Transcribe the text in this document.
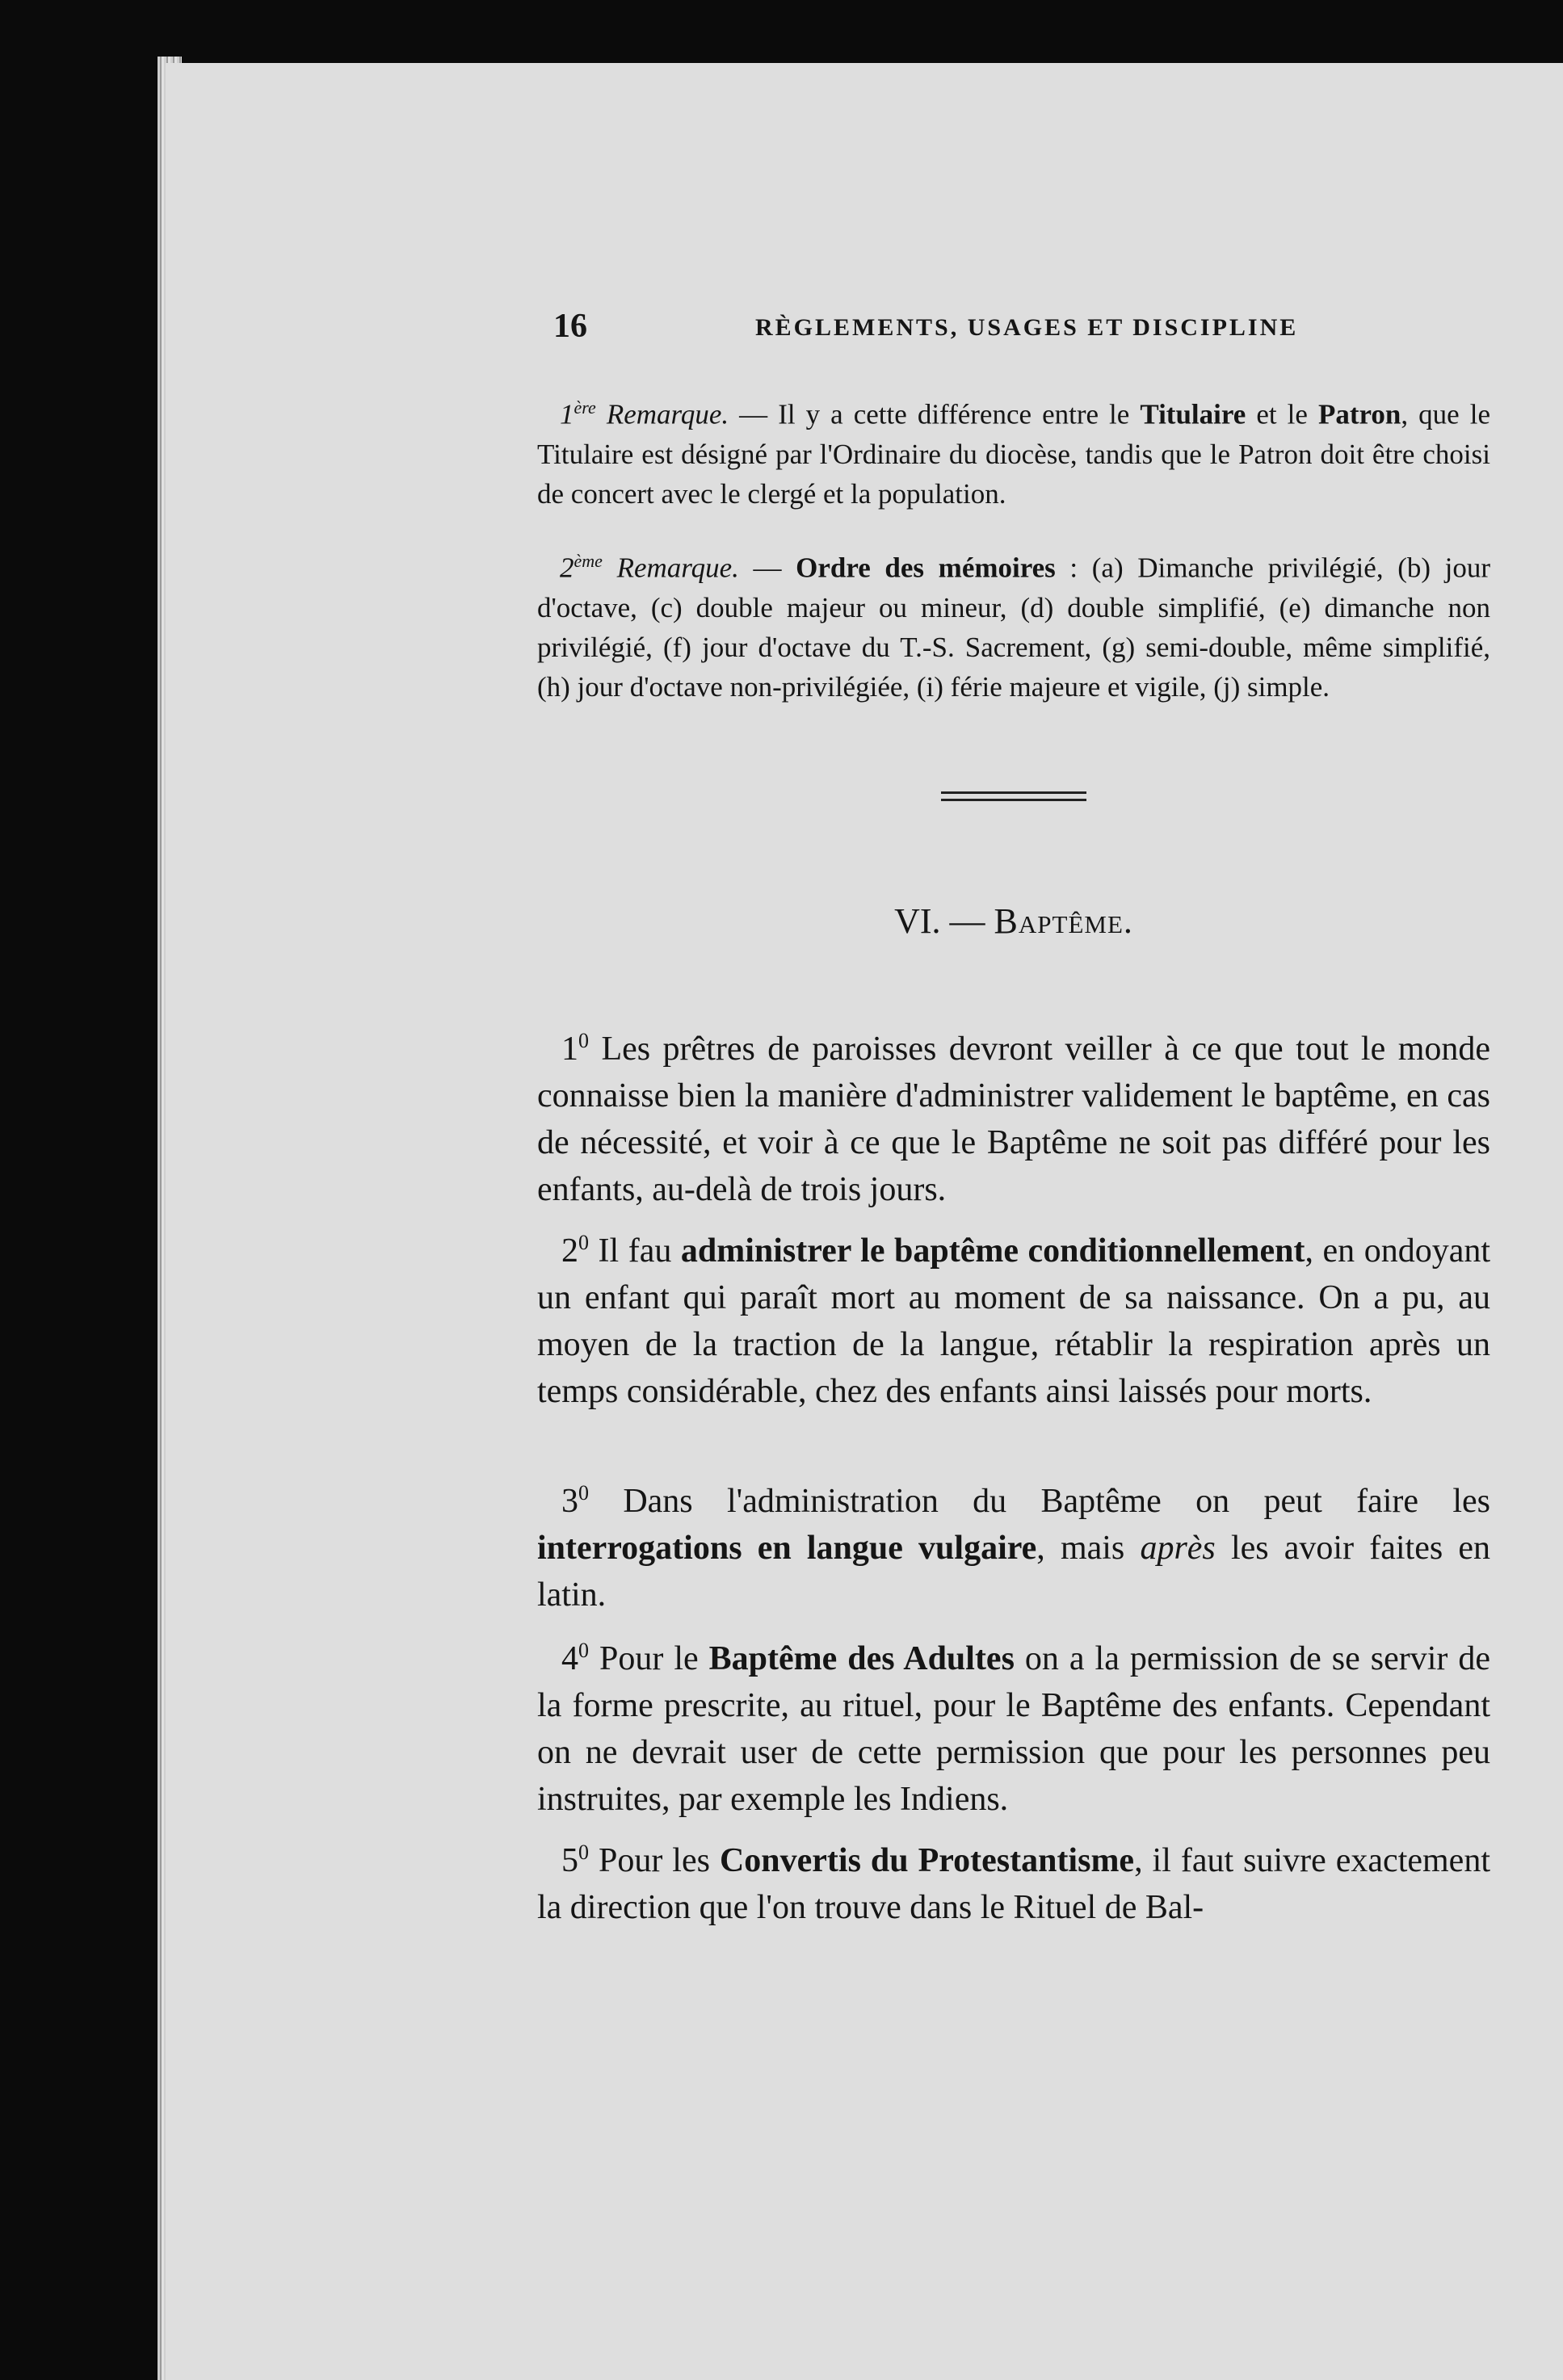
16	RÈGLEMENTS, USAGES ET DISCIPLINE
1ère Remarque. — Il y a cette différence entre le Titulaire et le Patron, que le Titulaire est désigné par l'Ordinaire du diocèse, tandis que le Patron doit être choisi de concert avec le clergé et la population.
2ème Remarque. — Ordre des mémoires : (a) Dimanche privilégié, (b) jour d'octave, (c) double majeur ou mineur, (d) double simplifié, (e) dimanche non privilégié, (f) jour d'octave du T.-S. Sacrement, (g) semi-double, même simplifié, (h) jour d'octave non-privilégiée, (i) férie majeure et vigile, (j) simple.
VI. — Baptême.
$1^0$ Les prêtres de paroisses devront veiller à ce que tout le monde connaisse bien la manière d'administrer validement le baptême, en cas de nécessité, et voir à ce que le Baptême ne soit pas différé pour les enfants, au-delà de trois jours.
$2^0$ Il fau administrer le baptême conditionnellement, en ondoyant un enfant qui paraît mort au moment de sa naissance. On a pu, au moyen de la traction de la langue, rétablir la respiration après un temps considérable, chez des enfants ainsi laissés pour morts.
$3^0$ Dans l'administration du Baptême on peut faire les interrogations en langue vulgaire, mais après les avoir faites en latin.
$4^0$ Pour le Baptême des Adultes on a la permission de se servir de la forme prescrite, au rituel, pour le Baptême des enfants. Cependant on ne devrait user de cette permission que pour les personnes peu instruites, par exemple les Indiens.
$5^0$ Pour les Convertis du Protestantisme, il faut suivre exactement la direction que l'on trouve dans le Rituel de Bal-
